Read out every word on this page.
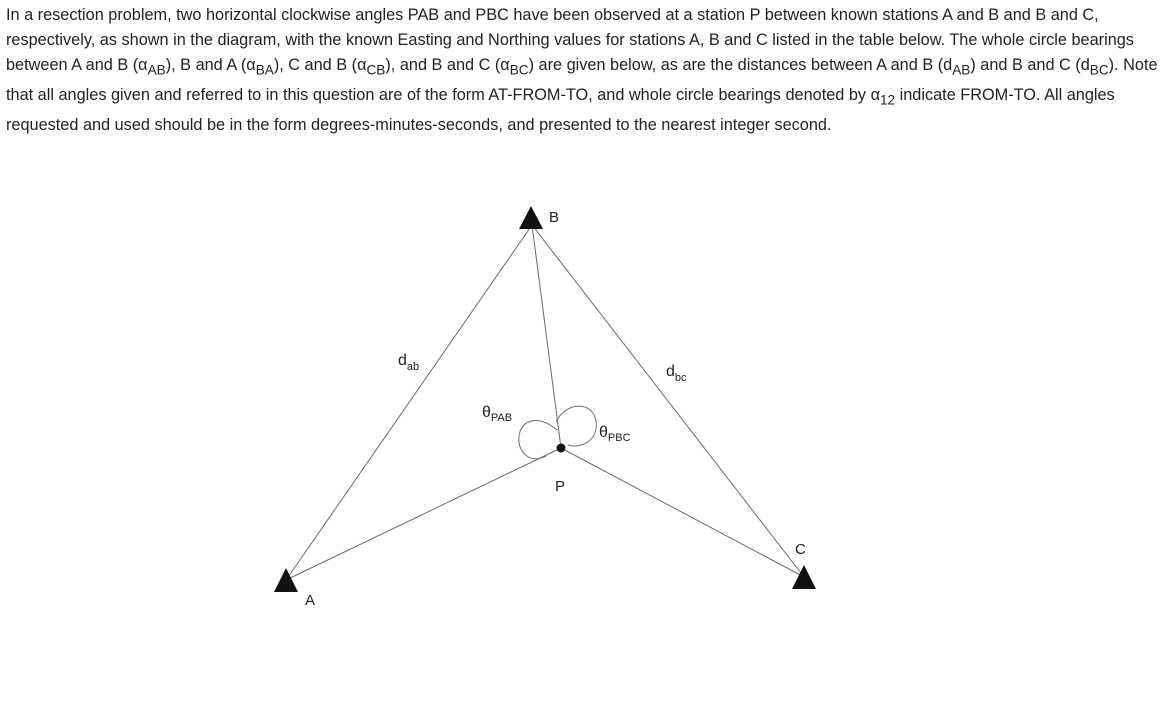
In a resection problem, two horizontal clockwise angles PAB and PBC have been observed at a station P between known stations A and B and B and C, respectively, as shown in the diagram, with the known Easting and Northing values for stations A, B and C listed in the table below. The whole circle bearings between A and B $(\alpha_{AB})$, B and A $(\alpha_{BA})$, C and B $(\alpha_{CB})$, and B and C $(\alpha_{BC})$ are given below, as are the distances between A and B $(d_{AB})$ and B and C $(d_{BC})$. Note that all angles given and referred to in this question are of the form AT-FROM-TO, and whole circle bearings denoted by $\alpha_{12}$ indicate FROM-TO. All angles requested and used should be in the form degrees-minutes-seconds, and presented to the nearest integer second.

A
B
C
P
$d_{ab}$	$d_{bc}$
$\theta_{PAB}$
$\theta_{PBC}$
